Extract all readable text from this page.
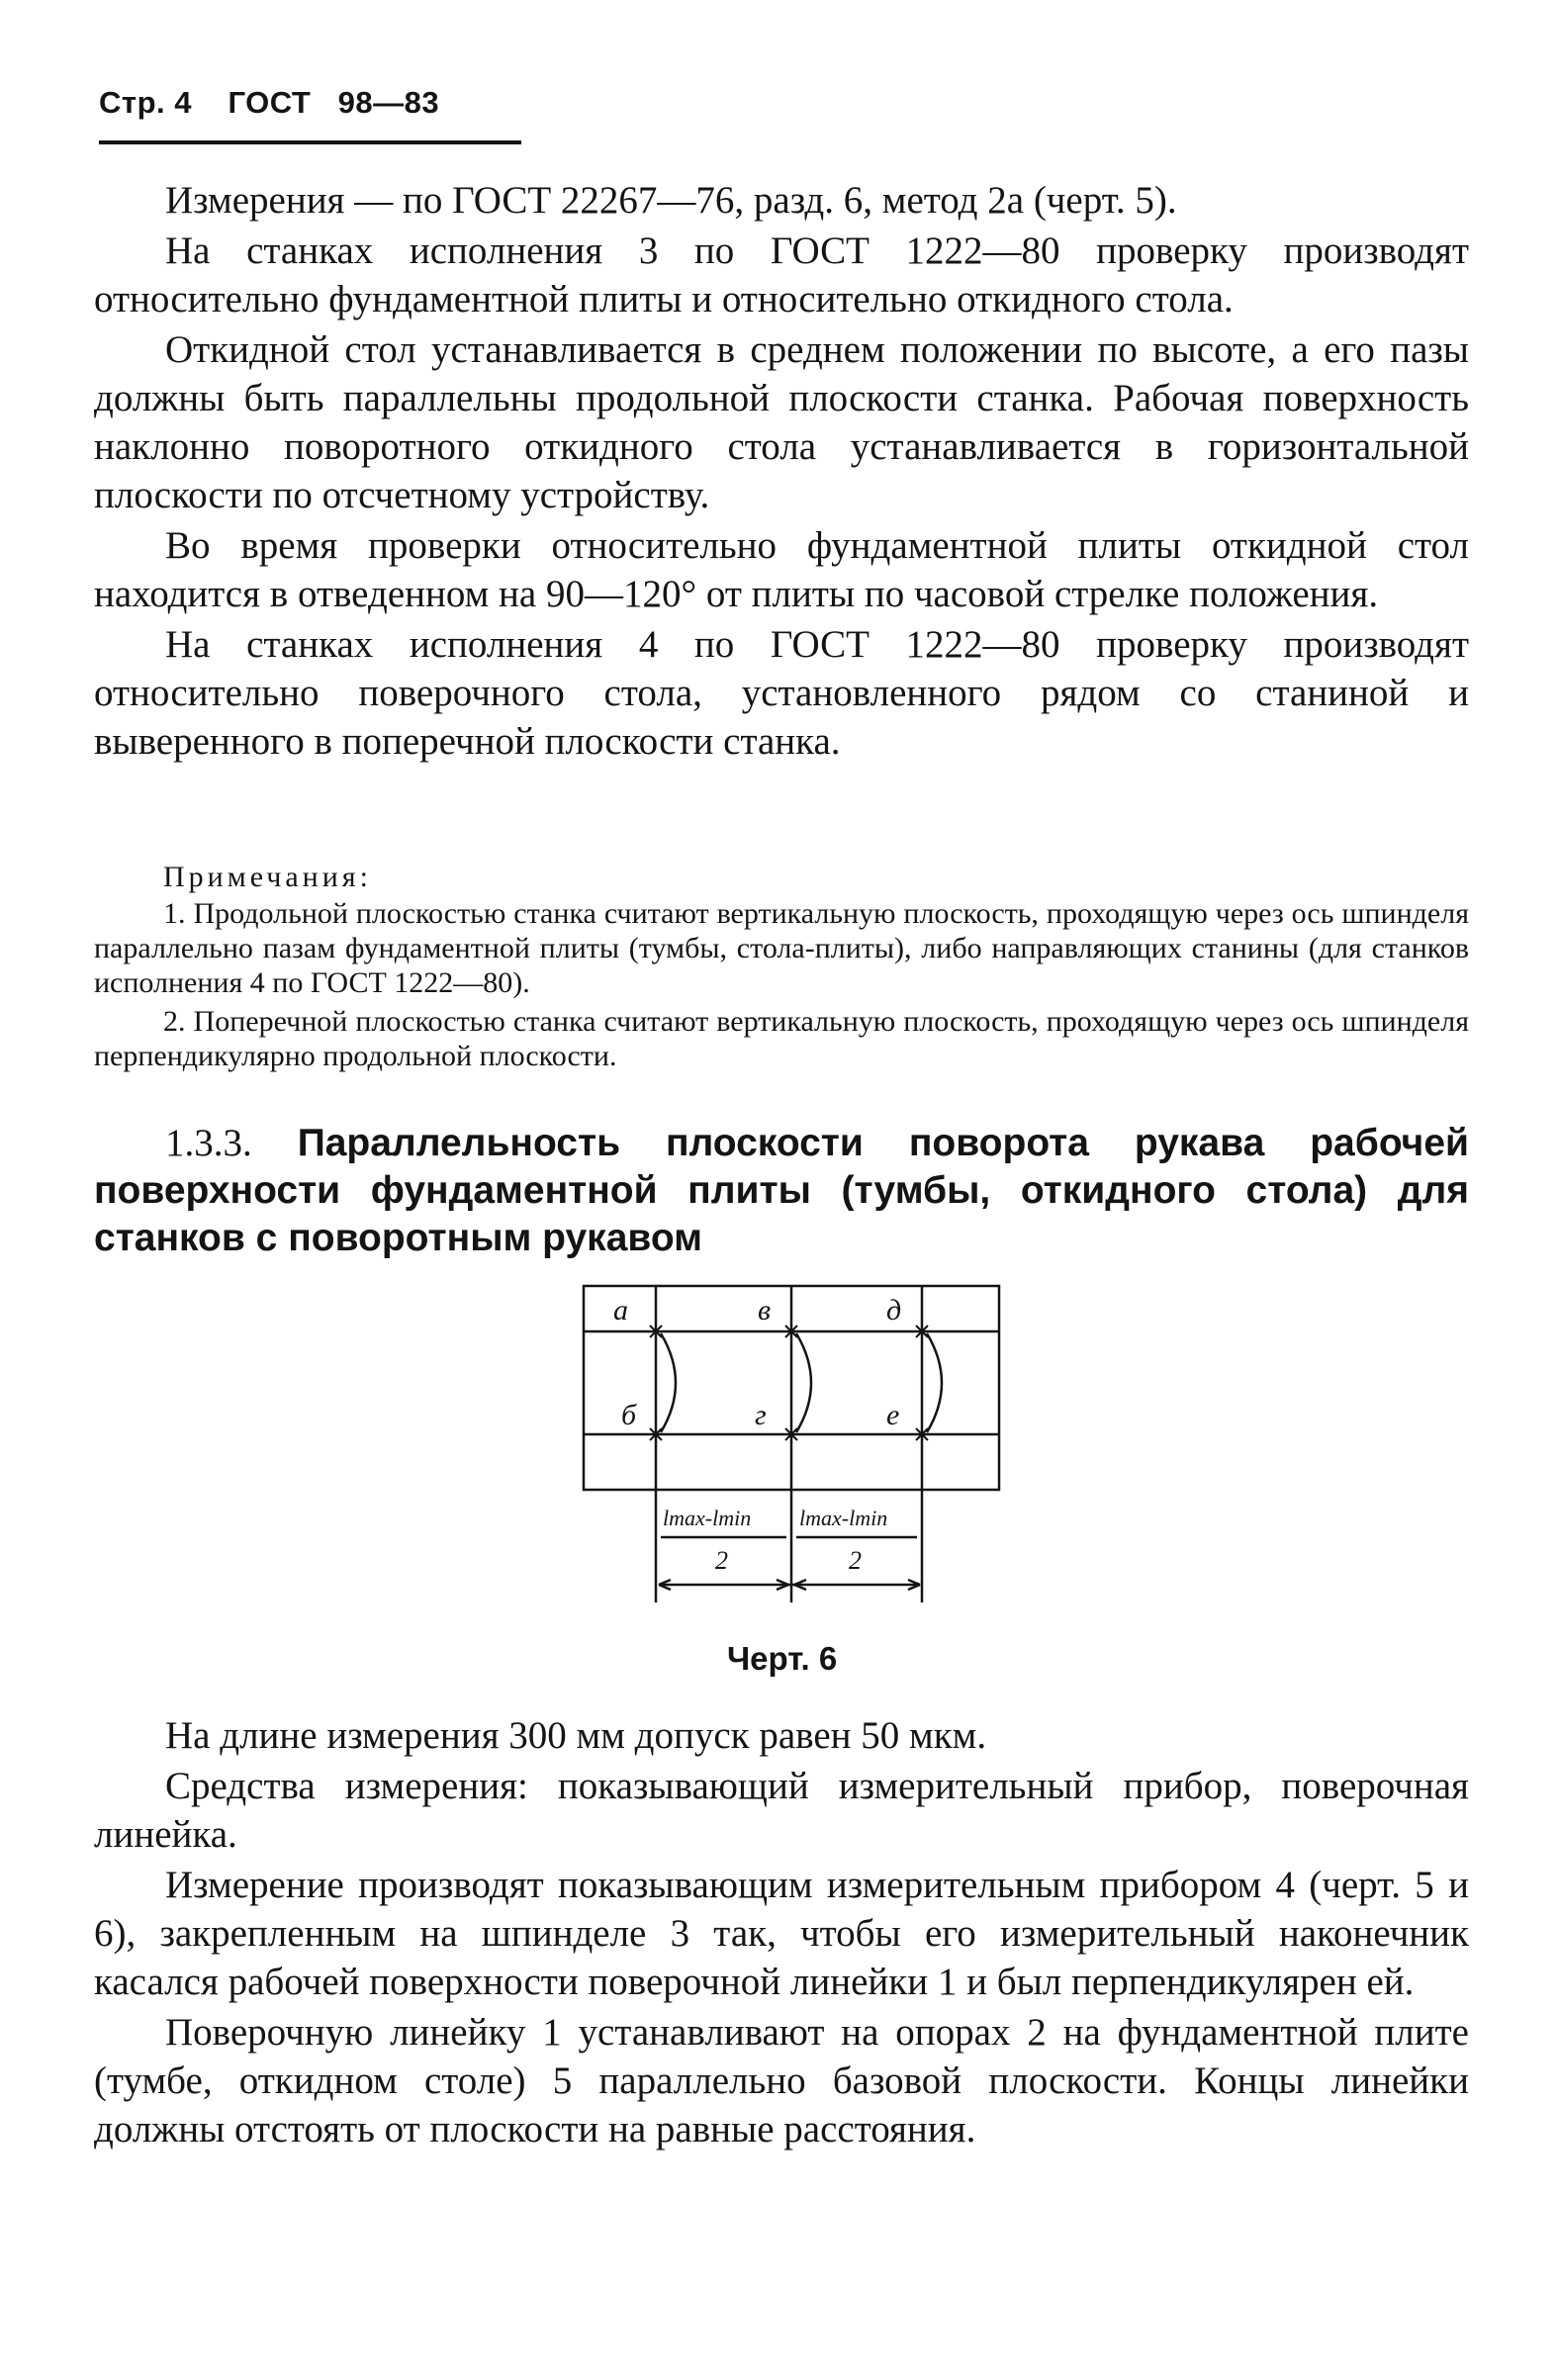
Стр. 4 ГОСТ 98—83

Измерения — по ГОСТ 22267—76, разд. 6, метод 2а (черт. 5).

На станках исполнения 3 по ГОСТ 1222—80 проверку производят относительно фундаментной плиты и относительно откидного стола.

Откидной стол устанавливается в среднем положении по высоте, а его пазы должны быть параллельны продольной плоскости станка. Рабочая поверхность наклонно поворотного откидного стола устанавливается в горизонтальной плоскости по отсчетному устройству.

Во время проверки относительно фундаментной плиты откидной стол находится в отведенном на 90—120° от плиты по часовой стрелке положения.

На станках исполнения 4 по ГОСТ 1222—80 проверку производят относительно поверочного стола, установленного рядом со станиной и выверенного в поперечной плоскости станка.

Примечания:

1. Продольной плоскостью станка считают вертикальную плоскость, проходящую через ось шпинделя параллельно пазам фундаментной плиты (тумбы, стола-плиты), либо направляющих станины (для станков исполнения 4 по ГОСТ 1222—80).

2. Поперечной плоскостью станка считают вертикальную плоскость, проходящую через ось шпинделя перпендикулярно продольной плоскости.

1.3.3. Параллельность плоскости поворота рукава рабочей поверхности фундаментной плиты (тумбы, откидного стола) для станков с поворотным рукавом

а	в	д
б	г	е
lmax-lmin lmax-lmin
2	2
Черт. 6

На длине измерения 300 мм допуск равен 50 мкм.

Средства измерения: показывающий измерительный прибор, поверочная линейка.

Измерение производят показывающим измерительным прибором 4 (черт. 5 и 6), закрепленным на шпинделе 3 так, чтобы его измерительный наконечник касался рабочей поверхности поверочной линейки 1 и был перпендикулярен ей.

Поверочную линейку 1 устанавливают на опорах 2 на фундаментной плите (тумбе, откидном столе) 5 параллельно базовой плоскости. Концы линейки должны отстоять от плоскости на равные расстояния.
